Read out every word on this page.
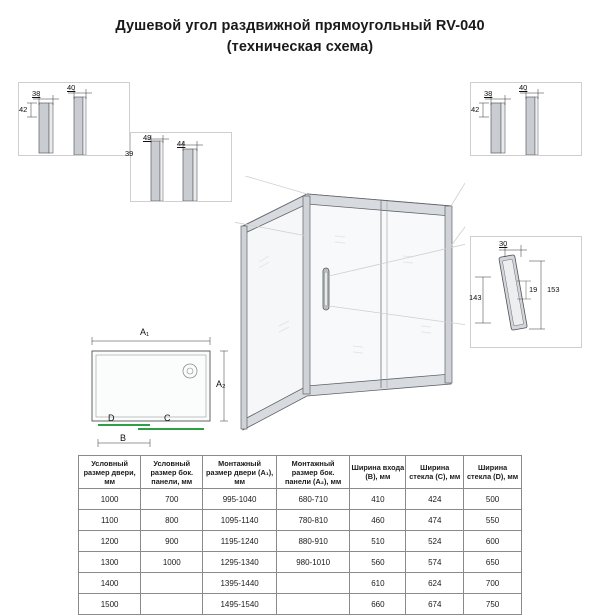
Душевой угол раздвижной прямоугольный RV-040
(техническая схема)
38
40
42
49
44
39
38
40
42
30
153
19
143
A₁
A₂
B
C
D
Условный размер двери, мм	Условный размер бок. панели, мм	Монтажный размер двери (A₁), мм	Монтажный размер бок. панели (A₂), мм	Ширина входа (B), мм	Ширина стекла (C), мм	Ширина стекла (D), мм
1000	700	995-1040	680-710	410	424	500
1100	800	1095-1140	780-810	460	474	550
1200	900	1195-1240	880-910	510	524	600
1300	1000	1295-1340	980-1010	560	574	650
1400		1395-1440		610	624	700
1500		1495-1540		660	674	750
